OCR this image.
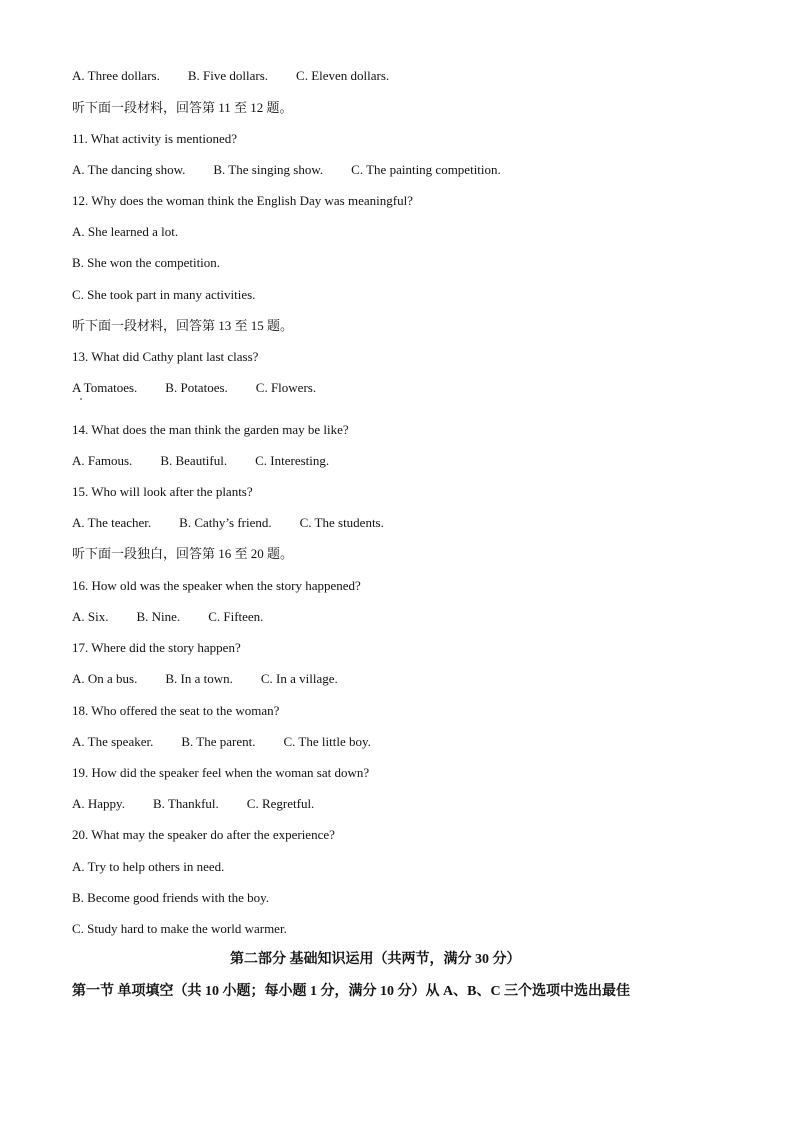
A. Three dollars. B. Five dollars. C. Eleven dollars.
听下面一段材料，回答第 11 至 12 题。
11. What activity is mentioned?
A. The dancing show. B. The singing show. C. The painting competition.
12. Why does the woman think the English Day was meaningful?
A. She learned a lot.
B. She won the competition.
C. She took part in many activities.
听下面一段材料，回答第 13 至 15 题。
13. What did Cathy plant last class?
A Tomatoes. B. Potatoes. C. Flowers.
14. What does the man think the garden may be like?
A. Famous. B. Beautiful. C. Interesting.
15. Who will look after the plants?
A. The teacher. B. Cathy’s friend. C. The students.
听下面一段独白，回答第 16 至 20 题。
16. How old was the speaker when the story happened?
A. Six. B. Nine. C. Fifteen.
17. Where did the story happen?
A. On a bus. B. In a town. C. In a village.
18. Who offered the seat to the woman?
A. The speaker. B. The parent. C. The little boy.
19. How did the speaker feel when the woman sat down?
A. Happy. B. Thankful. C. Regretful.
20. What may the speaker do after the experience?
A. Try to help others in need.
B. Become good friends with the boy.
C. Study hard to make the world warmer.
第二部分 基础知识运用（共两节，满分 30 分）
第一节 单项填空（共 10 小题；每小题 1 分，满分 10 分）从 A、B、C 三个选项中选出最佳
